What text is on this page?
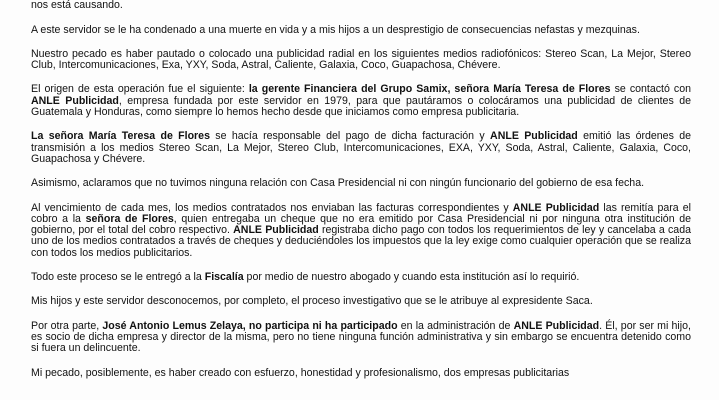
nos está causando.

A este servidor se le ha condenado a una muerte en vida y a mis hijos a un desprestigio de consecuencias nefastas y mezquinas.

Nuestro pecado es haber pautado o colocado una publicidad radial en los siguientes medios radiofónicos: Stereo Scan, La Mejor, Stereo Club, Intercomunicaciones, Exa, YXY, Soda, Astral, Caliente, Galaxia, Coco, Guapachosa, Chévere.

El origen de esta operación fue el siguiente: la gerente Financiera del Grupo Samix, señora María Teresa de Flores se contactó con ANLE Publicidad, empresa fundada por este servidor en 1979, para que pautáramos o colocáramos una publicidad de clientes de Guatemala y Honduras, como siempre lo hemos hecho desde que iniciamos como empresa publicitaria.

La señora María Teresa de Flores se hacía responsable del pago de dicha facturación y ANLE Publicidad emitió las órdenes de transmisión a los medios Stereo Scan, La Mejor, Stereo Club, Intercomunicaciones, EXA, YXY, Soda, Astral, Caliente, Galaxia, Coco, Guapachosa y Chévere.

Asimismo, aclaramos que no tuvimos ninguna relación con Casa Presidencial ni con ningún funcionario del gobierno de esa fecha.

Al vencimiento de cada mes, los medios contratados nos enviaban las facturas correspondientes y ANLE Publicidad las remitía para el cobro a la señora de Flores, quien entregaba un cheque que no era emitido por Casa Presidencial ni por ninguna otra institución de gobierno, por el total del cobro respectivo. ANLE Publicidad registraba dicho pago con todos los requerimientos de ley y cancelaba a cada uno de los medios contratados a través de cheques y deduciéndoles los impuestos que la ley exige como cualquier operación que se realiza con todos los medios publicitarios.

Todo este proceso se le entregó a la Fiscalía por medio de nuestro abogado y cuando esta institución así lo requirió.

Mis hijos y este servidor desconocemos, por completo, el proceso investigativo que se le atribuye al expresidente Saca.

Por otra parte, José Antonio Lemus Zelaya, no participa ni ha participado en la administración de ANLE Publicidad. Él, por ser mi hijo, es socio de dicha empresa y director de la misma, pero no tiene ninguna función administrativa y sin embargo se encuentra detenido como si fuera un delincuente.

Mi pecado, posiblemente, es haber creado con esfuerzo, honestidad y profesionalismo, dos empresas publicitarias
